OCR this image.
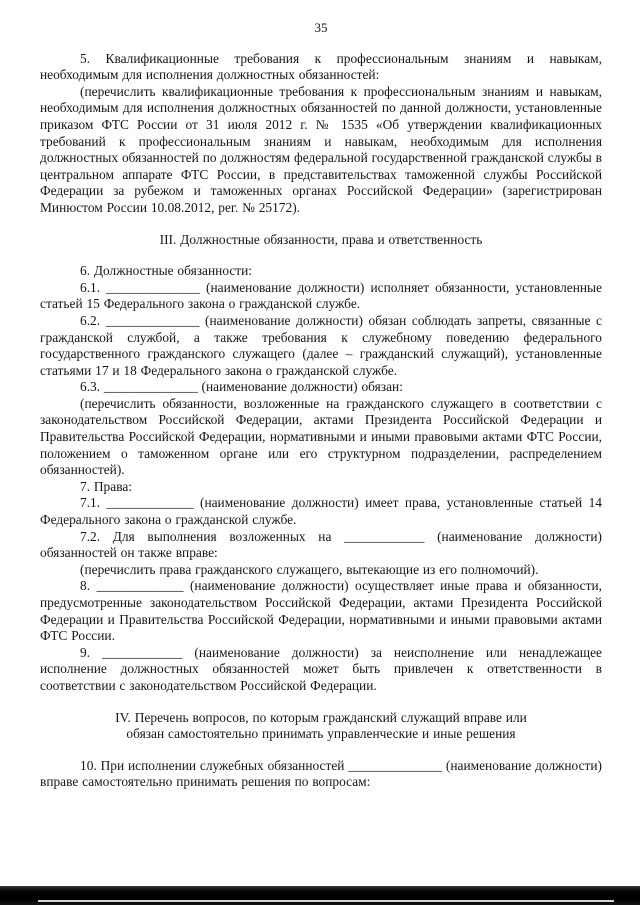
35

5. Квалификационные требования к профессиональным знаниям и навыкам, необходимым для исполнения должностных обязанностей:

(перечислить квалификационные требования к профессиональным знаниям и навыкам, необходимым для исполнения должностных обязанностей по данной должности, установленные приказом ФТС России от 31 июля 2012 г. № 1535 «Об утверждении квалификационных требований к профессиональным знаниям и навыкам, необходимым для исполнения должностных обязанностей по должностям федеральной государственной гражданской службы в центральном аппарате ФТС России, в представительствах таможенной службы Российской Федерации за рубежом и таможенных органах Российской Федерации» (зарегистрирован Минюстом России 10.08.2012, рег. № 25172).

III. Должностные обязанности, права и ответственность

6. Должностные обязанности:

6.1. ______________ (наименование должности) исполняет обязанности, установленные статьей 15 Федерального закона о гражданской службе.

6.2. ______________ (наименование должности) обязан соблюдать запреты, связанные с гражданской службой, а также требования к служебному поведению федерального государственного гражданского служащего (далее – гражданский служащий), установленные статьями 17 и 18 Федерального закона о гражданской службе.

6.3. ______________ (наименование должности) обязан:

(перечислить обязанности, возложенные на гражданского служащего в соответствии с законодательством Российской Федерации, актами Президента Российской Федерации и Правительства Российской Федерации, нормативными и иными правовыми актами ФТС России, положением о таможенном органе или его структурном подразделении, распределением обязанностей).

7. Права:

7.1. _____________ (наименование должности) имеет права, установленные статьей 14 Федерального закона о гражданской службе.

7.2. Для выполнения возложенных на ____________ (наименование должности) обязанностей он также вправе:

(перечислить права гражданского служащего, вытекающие из его полномочий).

8. _____________ (наименование должности) осуществляет иные права и обязанности, предусмотренные законодательством Российской Федерации, актами Президента Российской Федерации и Правительства Российской Федерации, нормативными и иными правовыми актами ФТС России.

9. ____________ (наименование должности) за неисполнение или ненадлежащее исполнение должностных обязанностей может быть привлечен к ответственности в соответствии с законодательством Российской Федерации.

IV. Перечень вопросов, по которым гражданский служащий вправе или обязан самостоятельно принимать управленческие и иные решения

10. При исполнении служебных обязанностей ______________ (наименование должности) вправе самостоятельно принимать решения по вопросам:
